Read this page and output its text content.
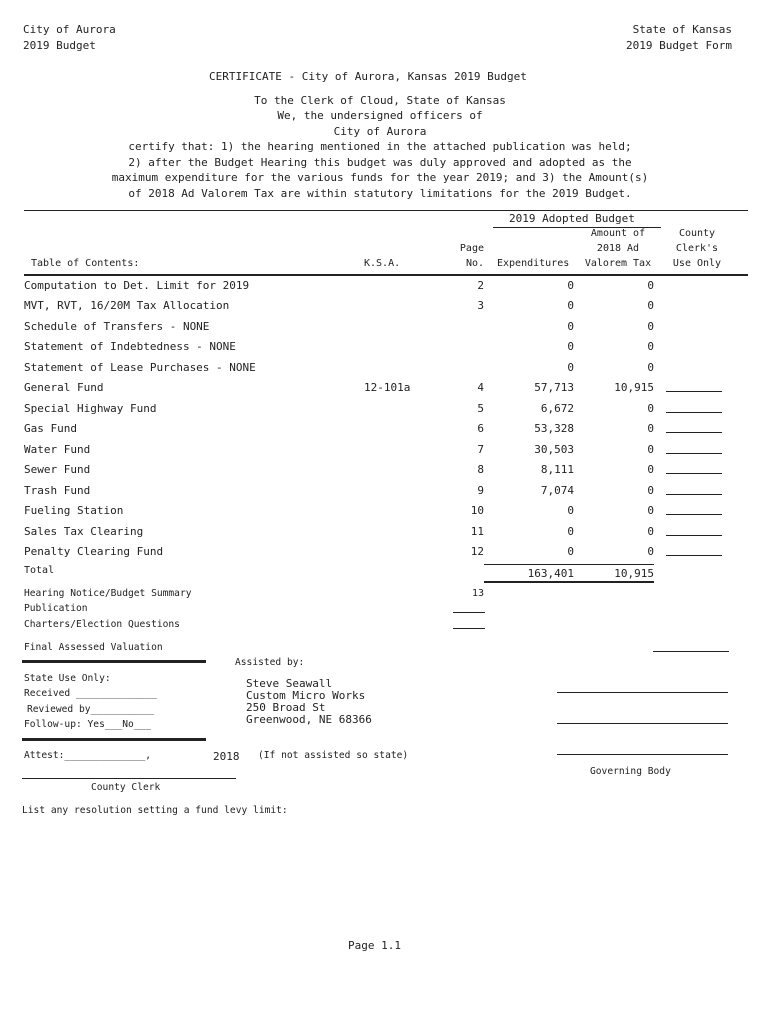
City of Aurora
2019 Budget
State of Kansas
2019 Budget Form
CERTIFICATE - City of Aurora, Kansas 2019 Budget
To the Clerk of Cloud, State of Kansas
We, the undersigned officers of
City of Aurora
certify that: 1) the hearing mentioned in the attached publication was held;
2) after the Budget Hearing this budget was duly approved and adopted as the
maximum expenditure for the various funds for the year 2019; and 3) the Amount(s)
of 2018 Ad Valorem Tax are within statutory limitations for the 2019 Budget.
2019 Adopted Budget
Amount of
2018 Ad
Valorem Tax
County
Clerk's
Use Only
Page
No. Expenditures
Table of Contents:	K.S.A.
Computation to Det. Limit for 2019	2	0	0
MVT, RVT, 16/20M Tax Allocation	3	0	0
Schedule of Transfers - NONE	0	0
Statement of Indebtedness - NONE	0	0
Statement of Lease Purchases - NONE	0	0
General Fund	12-101a	4	57,713	10,915
Special Highway Fund	5	6,672	0
Gas Fund	6	53,328	0
Water Fund	7	30,503	0
Sewer Fund	8	8,111	0
Trash Fund	9	7,074	0
Fueling Station	10	0	0
Sales Tax Clearing	11	0	0
Penalty Clearing Fund	12	0	0
Total	163,401	10,915
Hearing Notice/Budget Summary	13
Publication
Charters/Election Questions
Final Assessed Valuation
Assisted by:
State Use Only:
Received ______________
Reviewed by___________
Follow-up: Yes___No___
Steve Seawall
Custom Micro Works
250 Broad St
Greenwood, NE 68366
Attest:______________,	2018 (If not assisted so state)
Governing Body
County Clerk
List any resolution setting a fund levy limit:
Page 1.1
